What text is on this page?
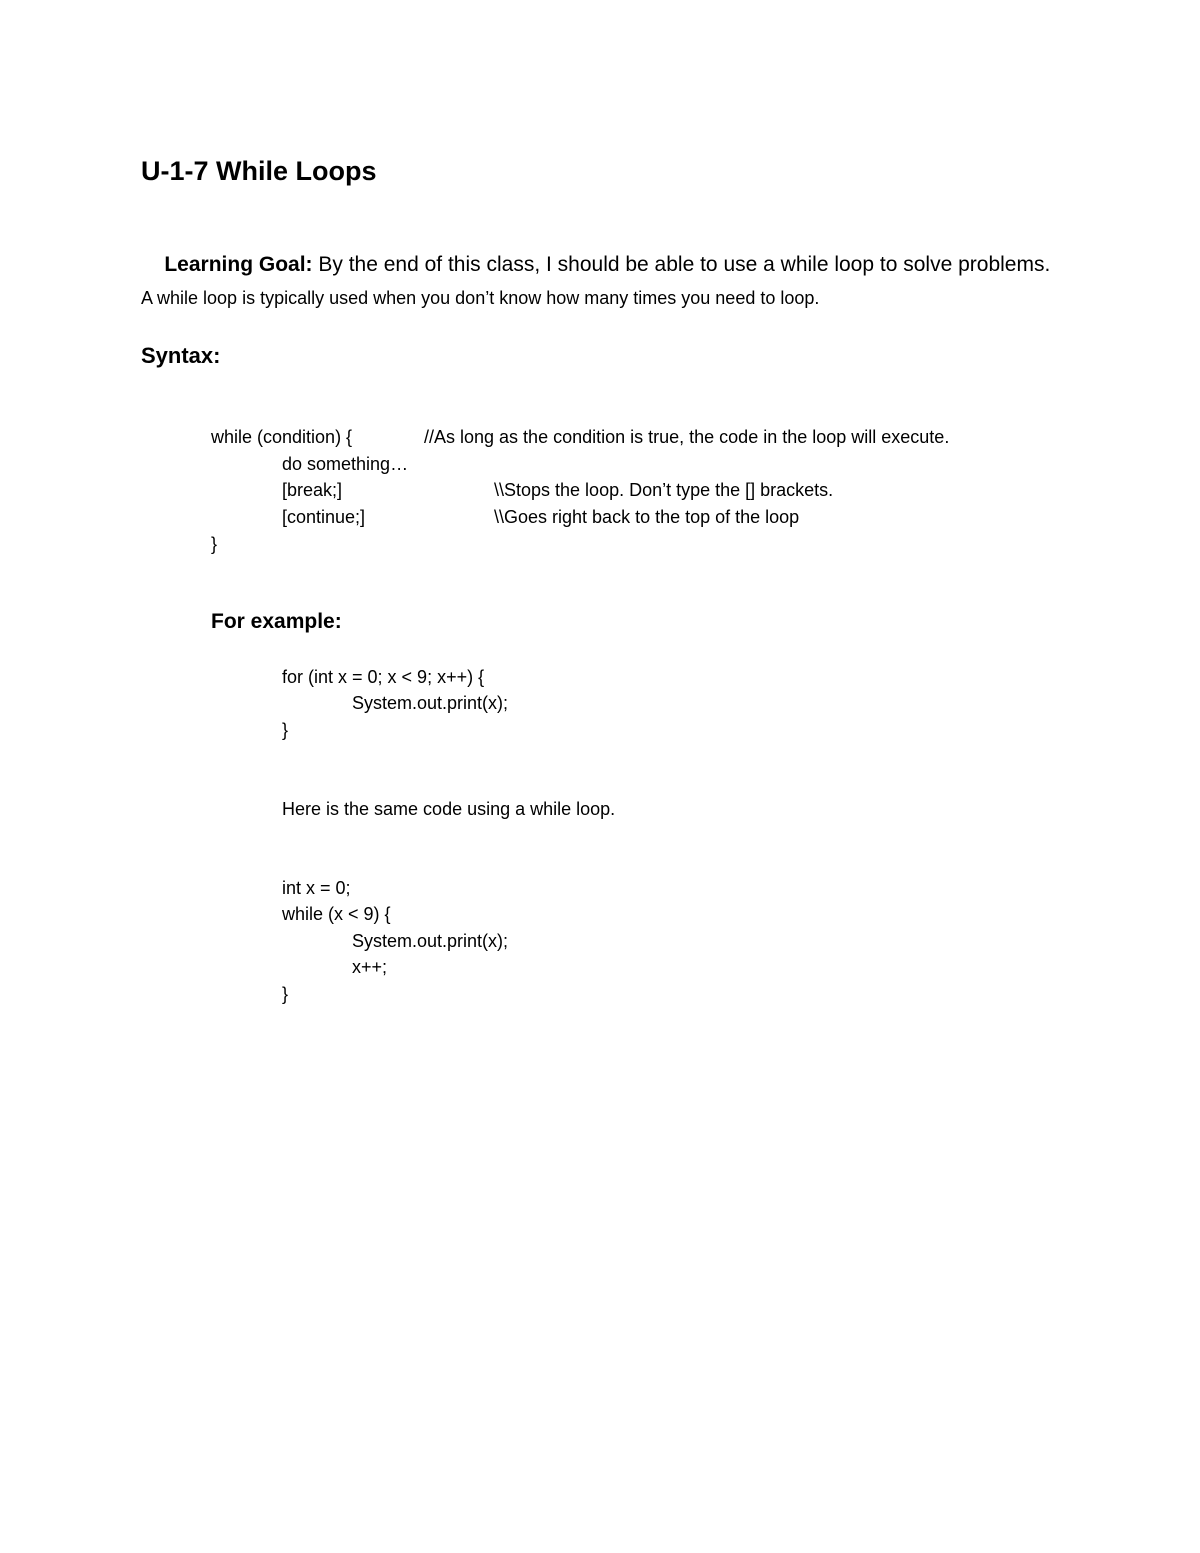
U-1-7 While Loops

Learning Goal: By the end of this class, I should be able to use a while loop to solve problems.

A while loop is typically used when you don’t know how many times you need to loop.
Syntax:
while (condition) {	//As long as the condition is true, the code in the loop will execute.
do something…
[break;]	\\Stops the loop. Don’t type the [] brackets.
[continue;]	\\Goes right back to the top of the loop
}
For example:
for (int x = 0; x < 9; x++) {
System.out.print(x);
}
Here is the same code using a while loop.
int x = 0;
while (x < 9) {
System.out.print(x);
x++;
}
